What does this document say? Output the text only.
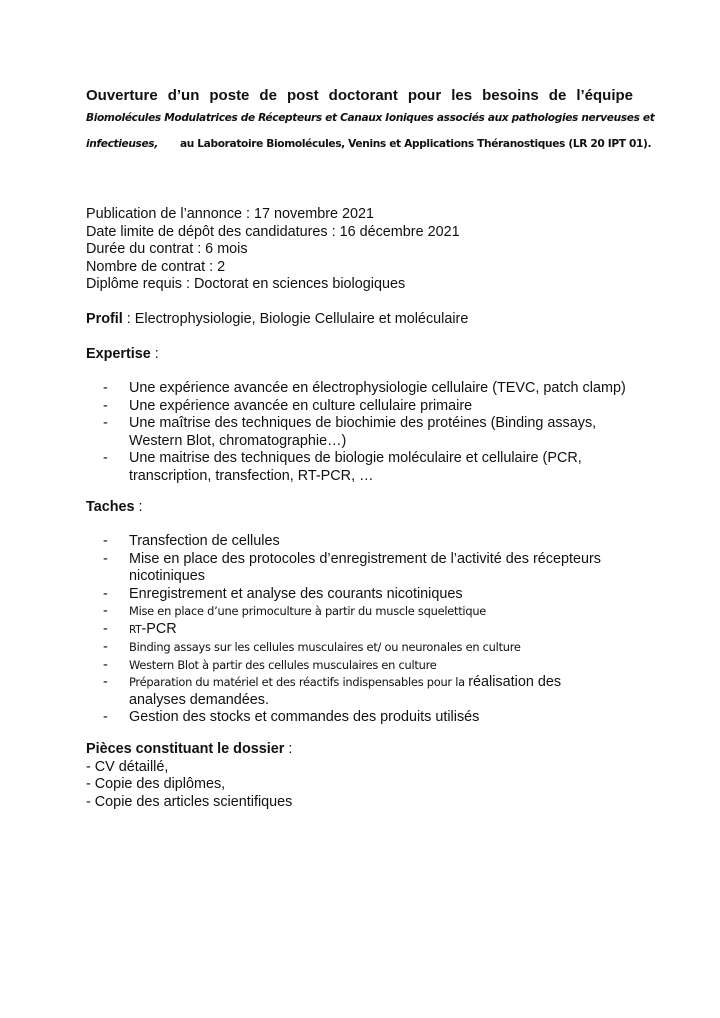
Ouverture d’un poste de post doctorant pour les besoins de l’équipe
Biomolécules Modulatrices de Récepteurs et Canaux Ioniques associés aux pathologies nerveuses et
infectieuses, au Laboratoire Biomolécules, Venins et Applications Théranostiques (LR 20 IPT 01).
Publication de l’annonce : 17 novembre 2021
Date limite de dépôt des candidatures : 16 décembre 2021
Durée du contrat : 6 mois
Nombre de contrat : 2
Diplôme requis : Doctorat en sciences biologiques
Profil : Electrophysiologie, Biologie Cellulaire et moléculaire
Expertise :
- Une expérience avancée en électrophysiologie cellulaire (TEVC, patch clamp)
- Une expérience avancée en culture cellulaire primaire
- Une maîtrise des techniques de biochimie des protéines (Binding assays,
Western Blot, chromatographie…)
- Une maitrise des techniques de biologie moléculaire et cellulaire (PCR,
transcription, transfection, RT-PCR, …
Taches :
- Transfection de cellules
- Mise en place des protocoles d’enregistrement de l’activité des récepteurs
nicotiniques
- Enregistrement et analyse des courants nicotiniques
- Mise en place d’une primoculture à partir du muscle squelettique
- RT-PCR
- Binding assays sur les cellules musculaires et/ ou neuronales en culture
- Western Blot à partir des cellules musculaires en culture
- Préparation du matériel et des réactifs indispensables pour la réalisation des
analyses demandées.
- Gestion des stocks et commandes des produits utilisés
Pièces constituant le dossier :
- CV détaillé,
- Copie des diplômes,
- Copie des articles scientifiques
